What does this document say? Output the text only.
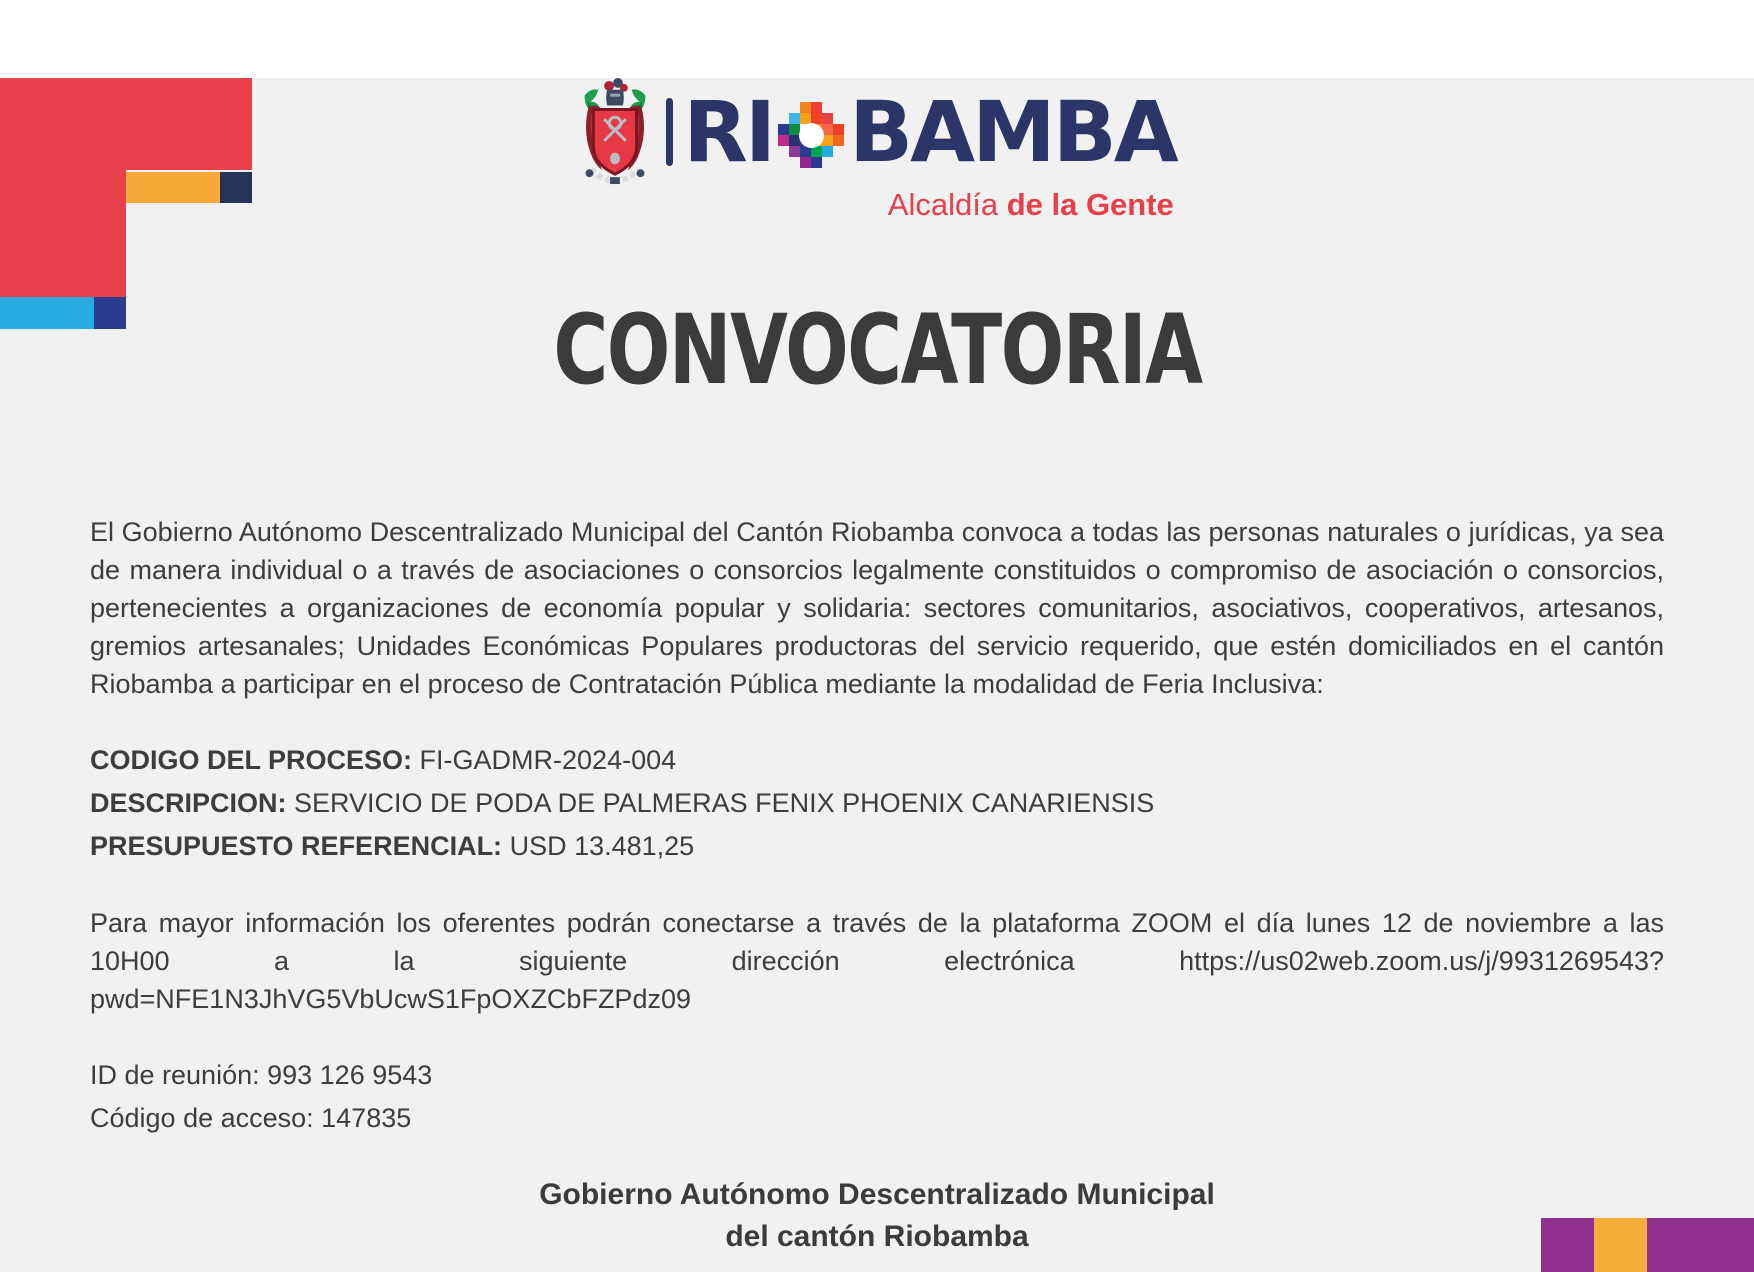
RI BAMBA
Alcaldía de la Gente
CONVOCATORIA

El Gobierno Autónomo Descentralizado Municipal del Cantón Riobamba convoca a todas las personas naturales o jurídicas, ya sea de manera individual o a través de asociaciones o consorcios legalmente constituidos o compromiso de asociación o consorcios, pertenecientes a organizaciones de economía popular y solidaria: sectores comunitarios, asociativos, cooperativos, artesanos, gremios artesanales; Unidades Económicas Populares productoras del servicio requerido, que estén domiciliados en el cantón Riobamba a participar en el proceso de Contratación Pública mediante la modalidad de Feria Inclusiva:

CODIGO DEL PROCESO: FI-GADMR-2024-004
DESCRIPCION: SERVICIO DE PODA DE PALMERAS FENIX PHOENIX CANARIENSIS
PRESUPUESTO REFERENCIAL: USD 13.481,25

Para mayor información los oferentes podrán conectarse a través de la plataforma ZOOM el día lunes 12 de noviembre a las 10H00 a la siguiente dirección electrónica https://us02web.zoom.us/j/9931269543?pwd=NFE1N3JhVG5VbUcwS1FpOXZCbFZPdz09

ID de reunión: 993 126 9543
Código de acceso: 147835
Gobierno Autónomo Descentralizado Municipal
del cantón Riobamba
